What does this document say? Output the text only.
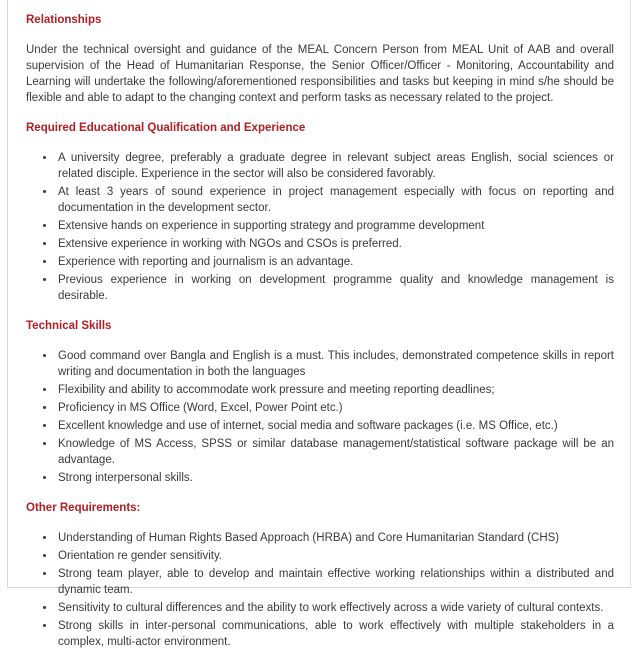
Relationships

Under the technical oversight and guidance of the MEAL Concern Person from MEAL Unit of AAB and overall supervision of the Head of Humanitarian Response, the Senior Officer/Officer - Monitoring, Accountability and Learning will undertake the following/aforementioned responsibilities and tasks but keeping in mind s/he should be flexible and able to adapt to the changing context and perform tasks as necessary related to the project.

Required Educational Qualification and Experience
• A university degree, preferably a graduate degree in relevant subject areas English, social sciences or related disciple. Experience in the sector will also be considered favorably.
• At least 3 years of sound experience in project management especially with focus on reporting and documentation in the development sector.
• Extensive hands on experience in supporting strategy and programme development
• Extensive experience in working with NGOs and CSOs is preferred.
• Experience with reporting and journalism is an advantage.
• Previous experience in working on development programme quality and knowledge management is desirable.
Technical Skills
• Good command over Bangla and English is a must. This includes, demonstrated competence skills in report writing and documentation in both the languages
• Flexibility and ability to accommodate work pressure and meeting reporting deadlines;
• Proficiency in MS Office (Word, Excel, Power Point etc.)
• Excellent knowledge and use of internet, social media and software packages (i.e. MS Office, etc.)
• Knowledge of MS Access, SPSS or similar database management/statistical software package will be an advantage.
• Strong interpersonal skills.
Other Requirements:
• Understanding of Human Rights Based Approach (HRBA) and Core Humanitarian Standard (CHS)
• Orientation re gender sensitivity.
• Strong team player, able to develop and maintain effective working relationships within a distributed and dynamic team.
• Sensitivity to cultural differences and the ability to work effectively across a wide variety of cultural contexts.
• Strong skills in inter-personal communications, able to work effectively with multiple stakeholders in a complex, multi-actor environment.
